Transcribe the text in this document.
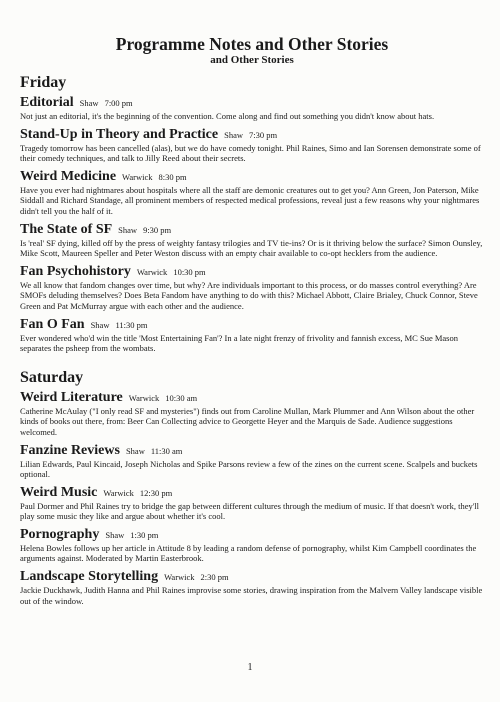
Programme Notes and Other Stories
and Other Stories
Friday
Editorial Shaw 7:00 pm

Not just an editorial, it's the beginning of the convention. Come along and find out something you didn't know about hats.

Stand-Up in Theory and Practice Shaw 7:30 pm

Tragedy tomorrow has been cancelled (alas), but we do have comedy tonight. Phil Raines, Simo and Ian Sorensen demonstrate some of their comedy techniques, and talk to Jilly Reed about their secrets.

Weird Medicine Warwick 8:30 pm

Have you ever had nightmares about hospitals where all the staff are demonic creatures out to get you? Ann Green, Jon Paterson, Mike Siddall and Richard Standage, all prominent members of respected medical professions, reveal just a few reasons why your nightmares didn't tell you the half of it.

The State of SF Shaw 9:30 pm

Is 'real' SF dying, killed off by the press of weighty fantasy trilogies and TV tie-ins? Or is it thriving below the surface? Simon Ounsley, Mike Scott, Maureen Speller and Peter Weston discuss with an empty chair available to co-opt hecklers from the audience.

Fan Psychohistory Warwick 10:30 pm

We all know that fandom changes over time, but why? Are individuals important to this process, or do masses control everything? Are SMOFs deluding themselves? Does Beta Fandom have anything to do with this? Michael Abbott, Claire Brialey, Chuck Connor, Steve Green and Pat McMurray argue with each other and the audience.

Fan O Fan Shaw 11:30 pm

Ever wondered who'd win the title 'Most Entertaining Fan'? In a late night frenzy of frivolity and fannish excess, MC Sue Mason separates the psheep from the wombats.

Saturday
Weird Literature Warwick 10:30 am

Catherine McAulay ("I only read SF and mysteries") finds out from Caroline Mullan, Mark Plummer and Ann Wilson about the other kinds of books out there, from: Beer Can Collecting advice to Georgette Heyer and the Marquis de Sade. Audience suggestions welcomed.

Fanzine Reviews Shaw 11:30 am

Lilian Edwards, Paul Kincaid, Joseph Nicholas and Spike Parsons review a few of the zines on the current scene. Scalpels and buckets optional.

Weird Music Warwick 12:30 pm

Paul Dormer and Phil Raines try to bridge the gap between different cultures through the medium of music. If that doesn't work, they'll play some music they like and argue about whether it's cool.

Pornography Shaw 1:30 pm

Helena Bowles follows up her article in Attitude 8 by leading a random defense of pornography, whilst Kim Campbell coordinates the arguments against. Moderated by Martin Easterbrook.

Landscape Storytelling Warwick 2:30 pm

Jackie Duckhawk, Judith Hanna and Phil Raines improvise some stories, drawing inspiration from the Malvern Valley landscape visible out of the window.

1
